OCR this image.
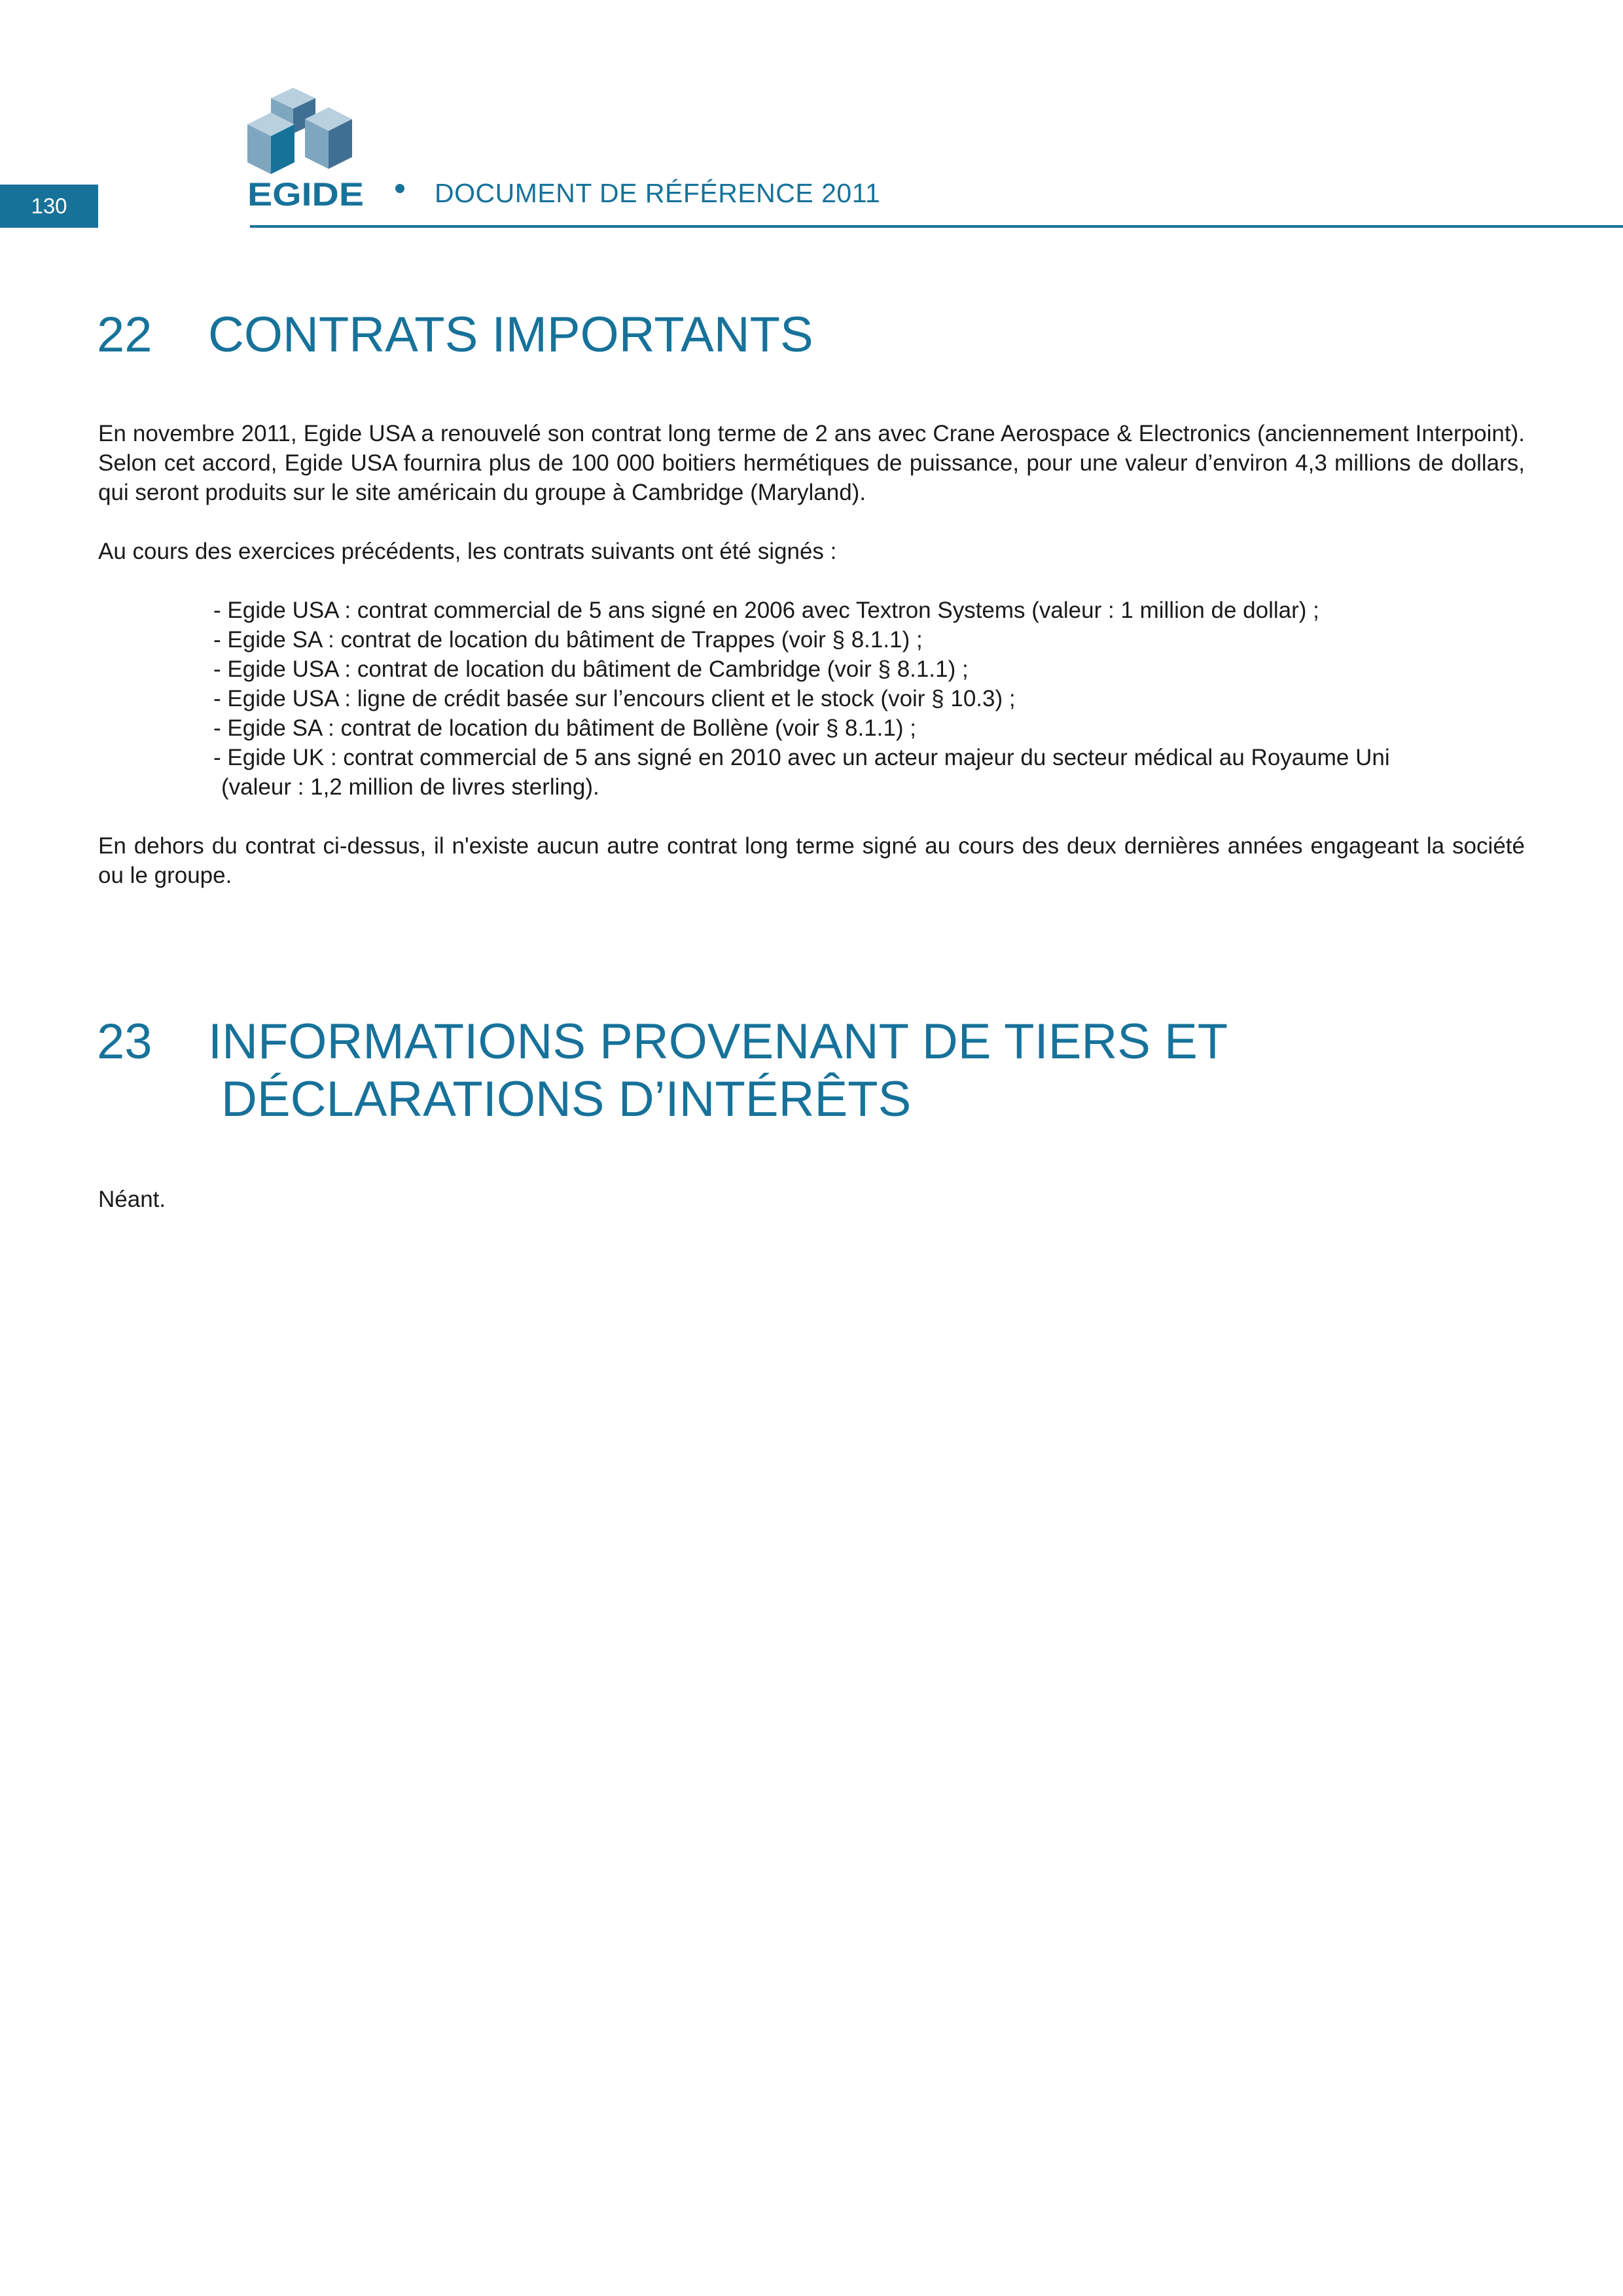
130	EGIDE	DOCUMENT DE RÉFÉRENCE 2011
22 CONTRATS IMPORTANTS

En novembre 2011, Egide USA a renouvelé son contrat long terme de 2 ans avec Crane Aerospace & Electronics (anciennement Interpoint). Selon cet accord, Egide USA fournira plus de 100 000 boitiers hermétiques de puissance, pour une valeur d’environ 4,3 millions de dollars, qui seront produits sur le site américain du groupe à Cambridge (Maryland).

Au cours des exercices précédents, les contrats suivants ont été signés :

- Egide USA : contrat commercial de 5 ans signé en 2006 avec Textron Systems (valeur : 1 million de dollar) ;
- Egide SA : contrat de location du bâtiment de Trappes (voir § 8.1.1) ;
- Egide USA : contrat de location du bâtiment de Cambridge (voir § 8.1.1) ;
- Egide USA : ligne de crédit basée sur l’encours client et le stock (voir § 10.3) ;
- Egide SA : contrat de location du bâtiment de Bollène (voir § 8.1.1) ;
- Egide UK : contrat commercial de 5 ans signé en 2010 avec un acteur majeur du secteur médical au Royaume Uni
(valeur : 1,2 million de livres sterling).

En dehors du contrat ci-dessus, il n'existe aucun autre contrat long terme signé au cours des deux dernières années engageant la société ou le groupe.

23 INFORMATIONS PROVENANT DE TIERS ET
DÉCLARATIONS D’INTÉRÊTS

Néant.
